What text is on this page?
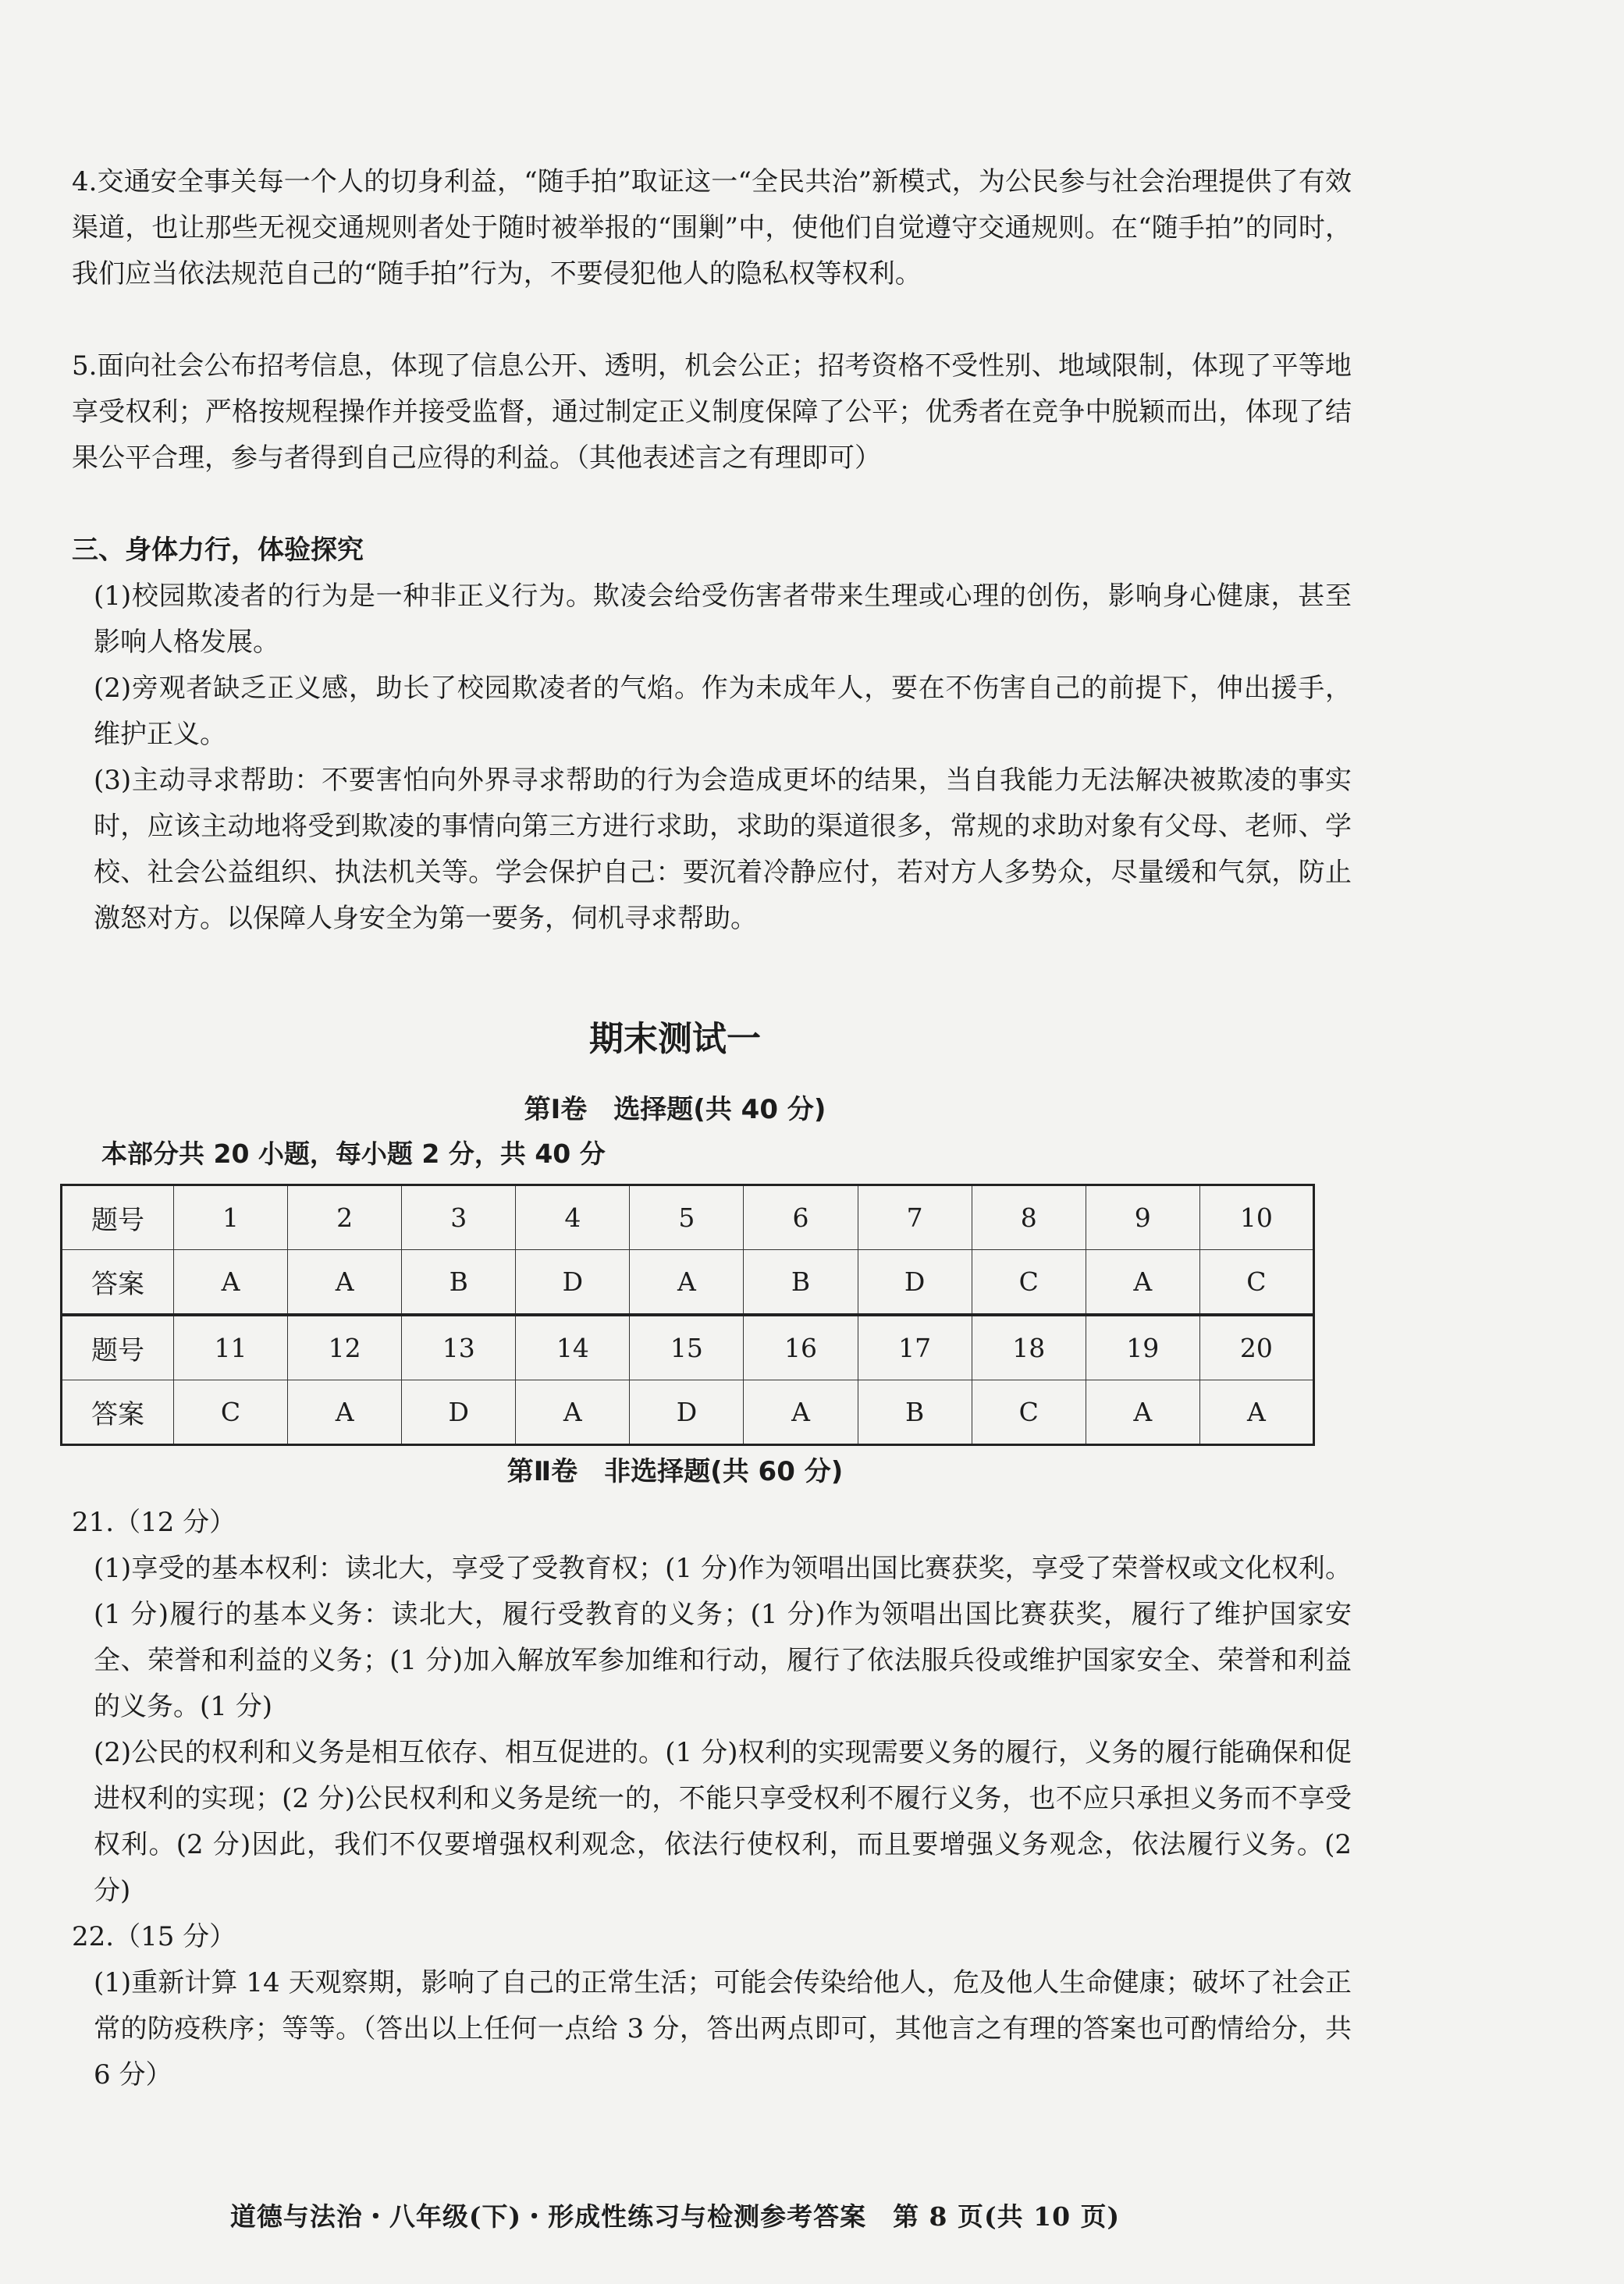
4.交通安全事关每一个人的切身利益，“随手拍”取证这一“全民共治”新模式，为公民参与社会治理提供了有效渠道，也让那些无视交通规则者处于随时被举报的“围剿”中，使他们自觉遵守交通规则。在“随手拍”的同时，我们应当依法规范自己的“随手拍”行为，不要侵犯他人的隐私权等权利。

5.面向社会公布招考信息，体现了信息公开、透明，机会公正；招考资格不受性别、地域限制，体现了平等地享受权利；严格按规程操作并接受监督，通过制定正义制度保障了公平；优秀者在竞争中脱颖而出，体现了结果公平合理，参与者得到自己应得的利益。（其他表述言之有理即可）

三、身体力行，体验探究

(1)校园欺凌者的行为是一种非正义行为。欺凌会给受伤害者带来生理或心理的创伤，影响身心健康，甚至影响人格发展。

(2)旁观者缺乏正义感，助长了校园欺凌者的气焰。作为未成年人，要在不伤害自己的前提下，伸出援手，维护正义。

(3)主动寻求帮助：不要害怕向外界寻求帮助的行为会造成更坏的结果，当自我能力无法解决被欺凌的事实时，应该主动地将受到欺凌的事情向第三方进行求助，求助的渠道很多，常规的求助对象有父母、老师、学校、社会公益组织、执法机关等。学会保护自己：要沉着冷静应付，若对方人多势众，尽量缓和气氛，防止激怒对方。以保障人身安全为第一要务，伺机寻求帮助。

期末测试一

第Ⅰ卷　选择题(共 40 分)

本部分共 20 小题，每小题 2 分，共 40 分

题号	1	2	3	4	5	6	7	8	9	10
答案	A	A	B	D	A	B	D	C	A	C
题号	11	12	13	14	15	16	17	18	19	20
答案	C	A	D	A	D	A	B	C	A	A

第Ⅱ卷　非选择题(共 60 分)

21.（12 分）

(1)享受的基本权利：读北大，享受了受教育权；(1 分)作为领唱出国比赛获奖，享受了荣誉权或文化权利。(1 分)履行的基本义务：读北大，履行受教育的义务；(1 分)作为领唱出国比赛获奖，履行了维护国家安全、荣誉和利益的义务；(1 分)加入解放军参加维和行动，履行了依法服兵役或维护国家安全、荣誉和利益的义务。(1 分)

(2)公民的权利和义务是相互依存、相互促进的。(1 分)权利的实现需要义务的履行，义务的履行能确保和促进权利的实现；(2 分)公民权利和义务是统一的，不能只享受权利不履行义务，也不应只承担义务而不享受权利。(2 分)因此，我们不仅要增强权利观念，依法行使权利，而且要增强义务观念，依法履行义务。(2 分)

22.（15 分）

(1)重新计算 14 天观察期，影响了自己的正常生活；可能会传染给他人，危及他人生命健康；破坏了社会正常的防疫秩序；等等。（答出以上任何一点给 3 分，答出两点即可，其他言之有理的答案也可酌情给分，共 6 分）

道德与法治・八年级(下)・形成性练习与检测参考答案　第 8 页(共 10 页)
